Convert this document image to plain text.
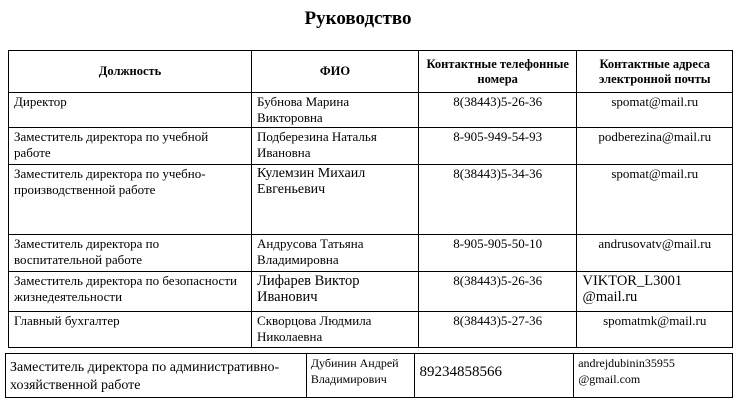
Руководство
Должность	ФИО	Контактные телефонные номера	Контактные адреса электронной почты
Директор	Бубнова Марина Викторовна	8(38443)5-26-36	spomat@mail.ru
Заместитель директора по учебной работе	Подберезина Наталья Ивановна	8-905-949-54-93	podberezina@mail.ru
Заместитель директора по учебно-производственной работе	Кулемзин Михаил Евгеньевич	8(38443)5-34-36	spomat@mail.ru
Заместитель директора по воспитательной работе	Андрусова Татьяна Владимировна	8-905-905-50-10	andrusovatv@mail.ru
Заместитель директора по безопасности жизнедеятельности	Лифарев Виктор Иванович	8(38443)5-26-36	VIKTOR_L3001 @mail.ru
Главный бухгалтер	Скворцова Людмила Николаевна	8(38443)5-27-36	spomatmk@mail.ru
Заместитель директора по административно-хозяйственной работе	Дубинин Андрей Владимирович	89234858566	andrejdubinin35955 @gmail.com
